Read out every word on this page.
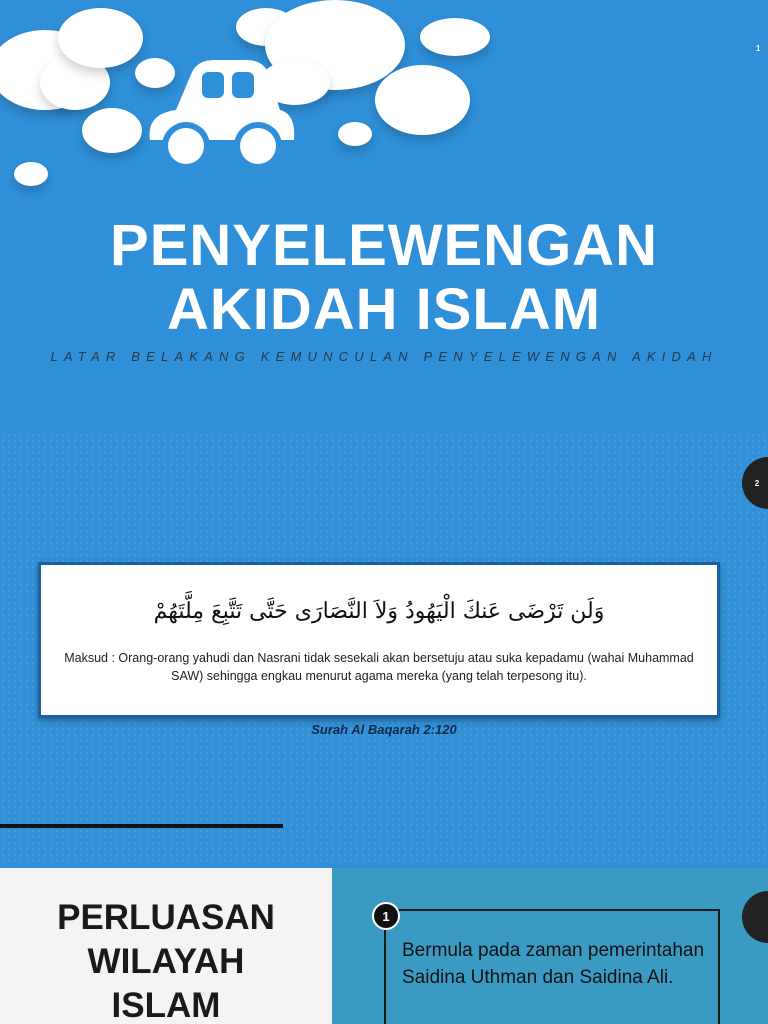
1
PENYELEWENGAN
AKIDAH ISLAM
LATAR BELAKANG KEMUNCULAN PENYELEWENGAN AKIDAH
2
وَلَن تَرْضَى عَنكَ الْيَهُودُ وَلاَ النَّصَارَى حَتَّى تَتَّبِعَ مِلَّتَهُمْ
Maksud : Orang-orang yahudi dan Nasrani tidak sesekali akan bersetuju atau suka kepadamu (wahai Muhammad SAW) sehingga engkau menurut agama mereka (yang telah terpesong itu).
Surah Al Baqarah 2:120
PERLUASAN
WILAYAH
ISLAM
Bermula pada zaman pemerintahan Saidina Uthman dan Saidina Ali.
1
